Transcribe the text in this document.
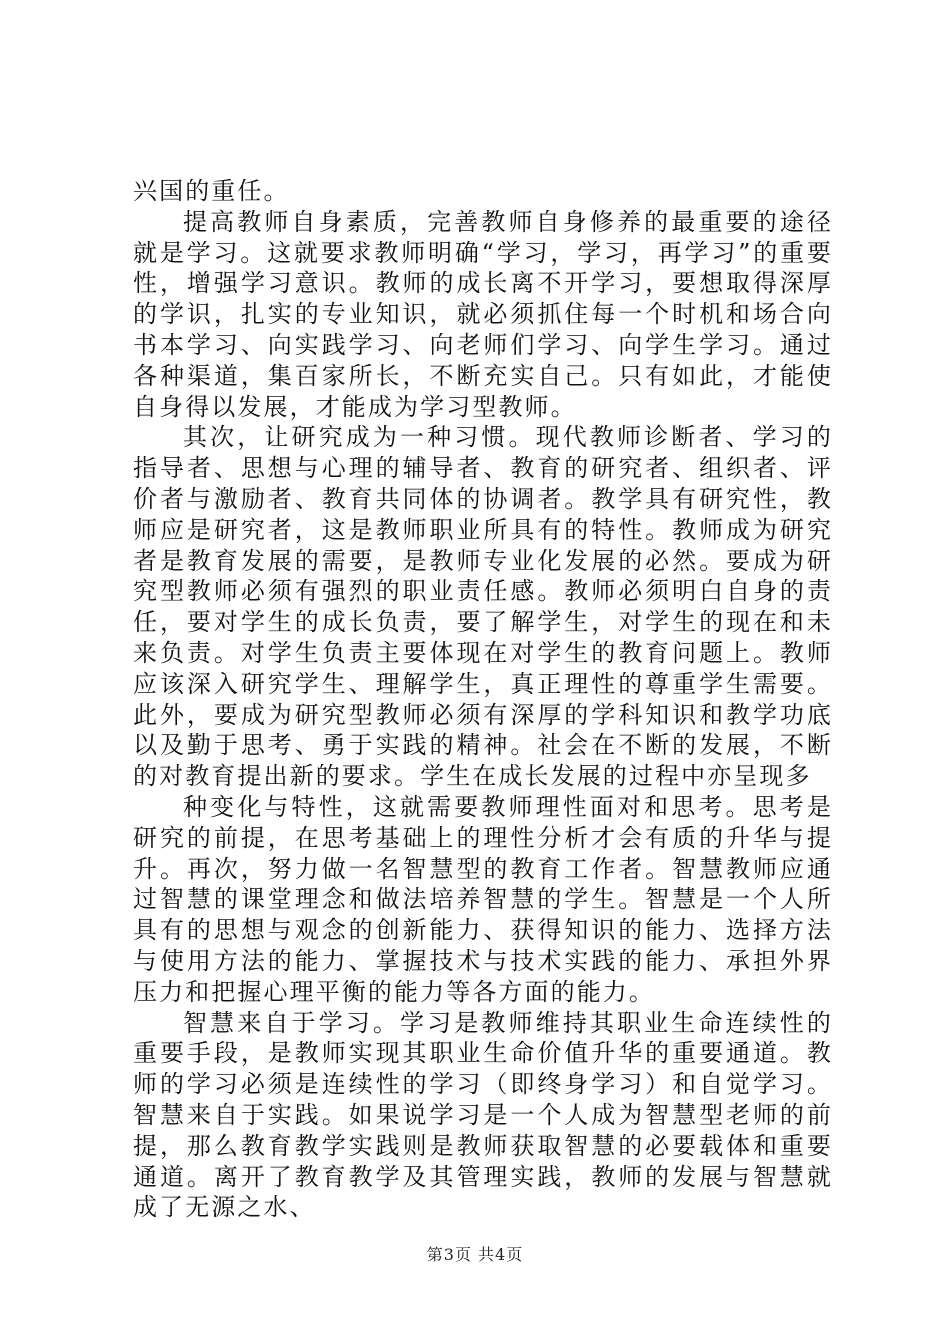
兴国的重任。

提高教师自身素质，完善教师自身修养的最重要的途径就是学习。这就要求教师明确“学习，学习，再学习”的重要性，增强学习意识。教师的成长离不开学习，要想取得深厚的学识，扎实的专业知识，就必须抓住每一个时机和场合向书本学习、向实践学习、向老师们学习、向学生学习。通过各种渠道，集百家所长，不断充实自己。只有如此，才能使自身得以发展，才能成为学习型教师。

其次，让研究成为一种习惯。现代教师诊断者、学习的指导者、思想与心理的辅导者、教育的研究者、组织者、评价者与激励者、教育共同体的协调者。教学具有研究性，教师应是研究者，这是教师职业所具有的特性。教师成为研究者是教育发展的需要，是教师专业化发展的必然。要成为研究型教师必须有强烈的职业责任感。教师必须明白自身的责任，要对学生的成长负责，要了解学生，对学生的现在和未来负责。对学生负责主要体现在对学生的教育问题上。教师应该深入研究学生、理解学生，真正理性的尊重学生需要。此外，要成为研究型教师必须有深厚的学科知识和教学功底以及勤于思考、勇于实践的精神。社会在不断的发展，不断的对教育提出新的要求。学生在成长发展的过程中亦呈现多

种变化与特性，这就需要教师理性面对和思考。思考是研究的前提，在思考基础上的理性分析才会有质的升华与提升。再次，努力做一名智慧型的教育工作者。智慧教师应通过智慧的课堂理念和做法培养智慧的学生。智慧是一个人所具有的思想与观念的创新能力、获得知识的能力、选择方法与使用方法的能力、掌握技术与技术实践的能力、承担外界压力和把握心理平衡的能力等各方面的能力。

智慧来自于学习。学习是教师维持其职业生命连续性的重要手段，是教师实现其职业生命价值升华的重要通道。教师的学习必须是连续性的学习（即终身学习）和自觉学习。智慧来自于实践。如果说学习是一个人成为智慧型老师的前提，那么教育教学实践则是教师获取智慧的必要载体和重要通道。离开了教育教学及其管理实践，教师的发展与智慧就成了无源之水、

第3页 共4页
